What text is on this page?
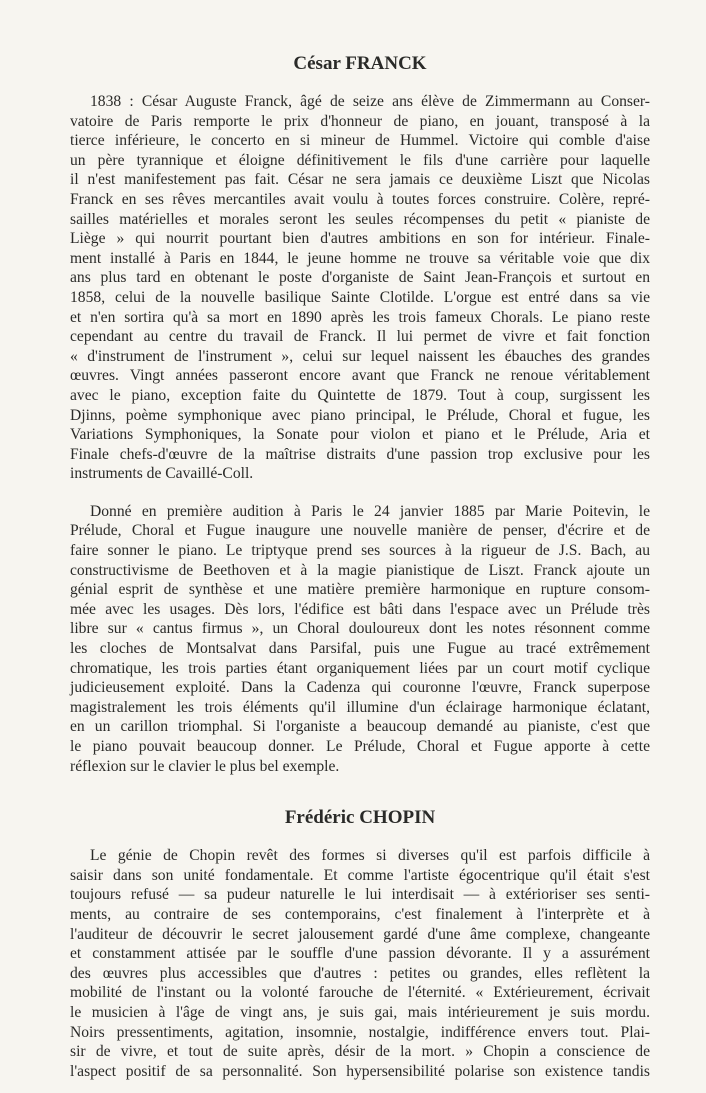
César FRANCK
1838 : César Auguste Franck, âgé de seize ans élève de Zimmermann au Conser-
vatoire de Paris remporte le prix d'honneur de piano, en jouant, transposé à la
tierce inférieure, le concerto en si mineur de Hummel. Victoire qui comble d'aise
un père tyrannique et éloigne définitivement le fils d'une carrière pour laquelle
il n'est manifestement pas fait. César ne sera jamais ce deuxième Liszt que Nicolas
Franck en ses rêves mercantiles avait voulu à toutes forces construire. Colère, repré-
sailles matérielles et morales seront les seules récompenses du petit « pianiste de
Liège » qui nourrit pourtant bien d'autres ambitions en son for intérieur. Finale-
ment installé à Paris en 1844, le jeune homme ne trouve sa véritable voie que dix
ans plus tard en obtenant le poste d'organiste de Saint Jean-François et surtout en
1858, celui de la nouvelle basilique Sainte Clotilde. L'orgue est entré dans sa vie
et n'en sortira qu'à sa mort en 1890 après les trois fameux Chorals. Le piano reste
cependant au centre du travail de Franck. Il lui permet de vivre et fait fonction
« d'instrument de l'instrument », celui sur lequel naissent les ébauches des grandes
œuvres. Vingt années passeront encore avant que Franck ne renoue véritablement
avec le piano, exception faite du Quintette de 1879. Tout à coup, surgissent les
Djinns, poème symphonique avec piano principal, le Prélude, Choral et fugue, les
Variations Symphoniques, la Sonate pour violon et piano et le Prélude, Aria et
Finale chefs-d'œuvre de la maîtrise distraits d'une passion trop exclusive pour les
instruments de Cavaillé-Coll.
Donné en première audition à Paris le 24 janvier 1885 par Marie Poitevin, le
Prélude, Choral et Fugue inaugure une nouvelle manière de penser, d'écrire et de
faire sonner le piano. Le triptyque prend ses sources à la rigueur de J.S. Bach, au
constructivisme de Beethoven et à la magie pianistique de Liszt. Franck ajoute un
génial esprit de synthèse et une matière première harmonique en rupture consom-
mée avec les usages. Dès lors, l'édifice est bâti dans l'espace avec un Prélude très
libre sur « cantus firmus », un Choral douloureux dont les notes résonnent comme
les cloches de Montsalvat dans Parsifal, puis une Fugue au tracé extrêmement
chromatique, les trois parties étant organiquement liées par un court motif cyclique
judicieusement exploité. Dans la Cadenza qui couronne l'œuvre, Franck superpose
magistralement les trois éléments qu'il illumine d'un éclairage harmonique éclatant,
en un carillon triomphal. Si l'organiste a beaucoup demandé au pianiste, c'est que
le piano pouvait beaucoup donner. Le Prélude, Choral et Fugue apporte à cette
réflexion sur le clavier le plus bel exemple.
Frédéric CHOPIN
Le génie de Chopin revêt des formes si diverses qu'il est parfois difficile à
saisir dans son unité fondamentale. Et comme l'artiste égocentrique qu'il était s'est
toujours refusé — sa pudeur naturelle le lui interdisait — à extérioriser ses senti-
ments, au contraire de ses contemporains, c'est finalement à l'interprète et à
l'auditeur de découvrir le secret jalousement gardé d'une âme complexe, changeante
et constamment attisée par le souffle d'une passion dévorante. Il y a assurément
des œuvres plus accessibles que d'autres : petites ou grandes, elles reflètent la
mobilité de l'instant ou la volonté farouche de l'éternité. « Extérieurement, écrivait
le musicien à l'âge de vingt ans, je suis gai, mais intérieurement je suis mordu.
Noirs pressentiments, agitation, insomnie, nostalgie, indifférence envers tout. Plai-
sir de vivre, et tout de suite après, désir de la mort. » Chopin a conscience de
l'aspect positif de sa personnalité. Son hypersensibilité polarise son existence tandis
